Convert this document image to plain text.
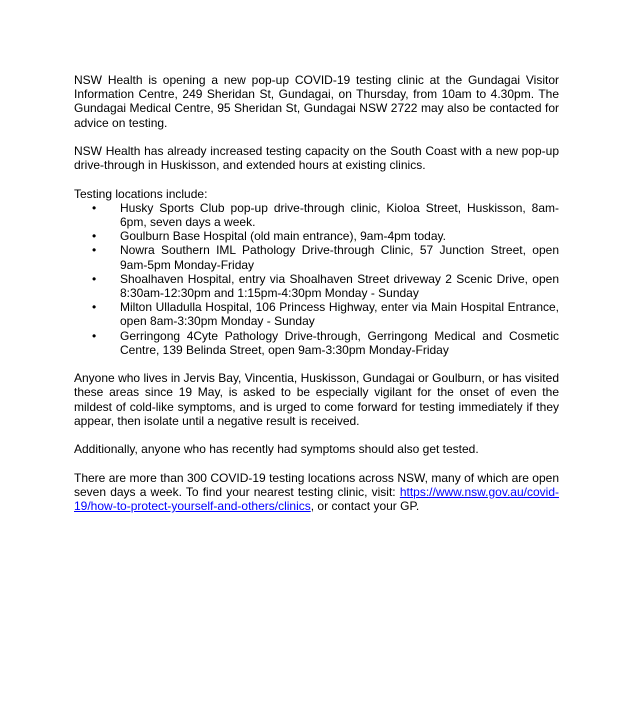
NSW Health is opening a new pop-up COVID-19 testing clinic at the Gundagai Visitor Information Centre, 249 Sheridan St, Gundagai, on Thursday, from 10am to 4.30pm. The Gundagai Medical Centre, 95 Sheridan St, Gundagai NSW 2722 may also be contacted for advice on testing.

NSW Health has already increased testing capacity on the South Coast with a new pop-up drive-through in Huskisson, and extended hours at existing clinics.

Testing locations include:

• Husky Sports Club pop-up drive-through clinic, Kioloa Street, Huskisson, 8am-6pm, seven days a week.
• Goulburn Base Hospital (old main entrance), 9am-4pm today.
• Nowra Southern IML Pathology Drive-through Clinic, 57 Junction Street, open 9am-5pm Monday-Friday
• Shoalhaven Hospital, entry via Shoalhaven Street driveway 2 Scenic Drive, open 8:30am-12:30pm and 1:15pm-4:30pm Monday - Sunday
• Milton Ulladulla Hospital, 106 Princess Highway, enter via Main Hospital Entrance, open 8am-3:30pm Monday - Sunday
• Gerringong 4Cyte Pathology Drive-through, Gerringong Medical and Cosmetic Centre, 139 Belinda Street, open 9am-3:30pm Monday-Friday

Anyone who lives in Jervis Bay, Vincentia, Huskisson, Gundagai or Goulburn, or has visited these areas since 19 May, is asked to be especially vigilant for the onset of even the mildest of cold-like symptoms, and is urged to come forward for testing immediately if they appear, then isolate until a negative result is received.

Additionally, anyone who has recently had symptoms should also get tested.

There are more than 300 COVID-19 testing locations across NSW, many of which are open seven days a week. To find your nearest testing clinic, visit: https://www.nsw.gov.au/covid-19/how-to-protect-yourself-and-others/clinics, or contact your GP.
